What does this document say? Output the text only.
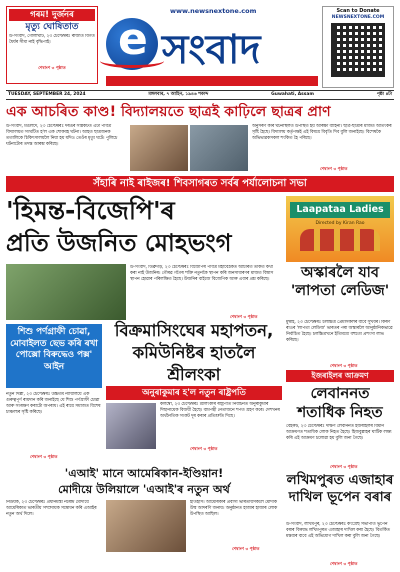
গৰম! দুৰ্জনৰ
মৃত্যু ঘোষিতাত
উ-সংবাদ, গোলাঘাট, ২৩ চেপ্টেম্বৰঃ ৰাজ্যত বিগত ধৈৰ্যৰ সীমা নাই বৃদ্ধিপাই।
শেষাংশ ৩ পৃষ্ঠাত
www.newsnextone.com
e সংবাদ
Scan to Donate
NEWSNEXTONE.COM
TUESDAY, SEPTEMBER 24, 2024	মঙ্গলবাৰ, ৭ আহিন, ১৯৪৬ শকাব্দ	Guwahati, Assam	পৃষ্ঠা ৪টা
এক আচৰিত কাণ্ড! বিদ্যালয়তে ছাত্ৰই কাঢ়িলে ছাত্ৰৰ প্ৰাণ
উ-সংবাদ, মঙলদৈ, ২৩ চেপ্টেম্বৰঃ দৰঙৰ সন্নিকটত এটা পবিত্ৰ বিদ্যালয়ত সংঘটিত হ'ল এক শোকবহ ঘটনা। আহত ছাত্ৰজনক ততালিকে চিকিৎসালয়লৈ নিয়া হয় যদিও তেওঁৰ মৃত্যু ঘটে। পুলিচে ঘটনাটোৰ তদন্ত আৰম্ভ কৰিছে।
অনুসৰণ কৰি ঘটনাস্থলত উপস্থিত হয় আৰক্ষী বাহিনী। ছাত্ৰ-ছাত্ৰীৰ মাজত আতংকৰ সৃষ্টি হৈছে। বিদ্যালয় কৰ্তৃপক্ষই এই বিষয়ে বিবৃতি দিব বুলি জনাইছে। বিশেষকৈ অভিভাৱকসকল শংকিত হৈ পৰিছে।
শেষাংশ ৩ পৃষ্ঠাত
সঁহাৰি নাই ৰাইজৰ! শিবসাগৰত সৰ্বৰ পৰ্যালোচনা সভা
'হিমন্ত-বিজেপি'ৰ
প্ৰতি উজনিত মোহভংগ
উ-সংবাদ, ডিব্ৰুগড়, ২৩ চেপ্টেম্বৰঃ বিজেপিৰ পবিত্ৰ মহাবৈঠকত আচৰিত তৰ্কিত কথা কৰা নাই উজনিৰ। গৌৰৱ গগৈৰ শক্তি নতুনকৈ স্থাপন কৰি জনসাধাৰণৰ মাজত বিশ্বাস স্থাপন হোৱাৰ পৰিলক্ষিত হৈছে। উজনিৰ বাইজে বিজেপিক আৰু এবাৰ প্ৰশ্ন কৰিছে।
শেষাংশ ৩ পৃষ্ঠাত
Laapataa Ladies
Directed by Kiran Rao
অস্কাৰলৈ যাব 'লাপতা লেডিজ'
মুম্বাই, ২৩ চেপ্টেম্বৰঃ চলচ্চিত্ৰ প্ৰেমীসকলৰ বাবে সুখবৰ। কিৰণ ৰাওৰ 'লাপতা লেডিজ' ভাৰতৰ পৰা অস্কাৰলৈ আনুষ্ঠানিকভাৱে নিৰ্বাচিত হৈছে। চলচ্চিত্ৰখনে ইতিমধ্যে বহুতো প্ৰশংসা লাভ কৰিছে।
শেষাংশ ৩ পৃষ্ঠাত
শিশু পৰ্ণগ্ৰাফী চোৱা, মোবাইলত ছেভ কৰি ৰখা পোক্সো বিৰুদ্ধেও পক্স' আইন
নতুন দিল্লী, ২৩ চেপ্টেম্বৰঃ উচ্চতম ন্যায়ালয়ে এক গুৰুত্বপূৰ্ণ ৰায়দান কৰি জনাইছে যে শিশু পৰ্ণগ্ৰাফী চোৱা আৰু সংৰক্ষণ কৰাটো অপৰাধ। এই ৰায়ে সমাজত বিশেষ চাঞ্চল্যৰ সৃষ্টি কৰিছে।
শেষাংশ ৩ পৃষ্ঠাত
বিক্ৰমাসিংঘেৰ মহাপতন, কমিউনিষ্টৰ হাতলৈ শ্ৰীলংকা
অনুৰাকুমাৰ হ'ল নতুন ৰাষ্ট্ৰপতি
কলম্বো, ২৩ চেপ্টেম্বৰঃ শ্ৰীলংকাৰ ৰাষ্ট্ৰপতি নিৰ্বাচনত অনুৰাকুমাৰ দিছানায়েক বিজয়ী হৈছে। বামপন্থী নেতাজনে শপত গ্ৰহণ কৰে। দেশখনৰ অৰ্থনৈতিক সংকট দূৰ কৰাৰ প্ৰতিশ্ৰুতি দিছে।
শেষাংশ ৩ পৃষ্ঠাত
ইজৰাইলৰ আক্ৰমণ
লেবাননত শতাধিক নিহত
বেইৰুট, ২৩ চেপ্টেম্বৰঃ দক্ষিণ লেবাননত ইজৰাইলৰ বিমান আক্ৰমণত শতাধিক লোক নিহত হৈছে। হিজবুল্লাহৰ ঘাটিক লক্ষ্য কৰি এই আক্ৰমণ চলোৱা হয় বুলি জনা গৈছে।
শেষাংশ ৩ পৃষ্ঠাত
'এআই' মানে আমেৰিকান-ইণ্ডিয়ান!
মোদীয়ে উলিয়ালে 'এআই'ৰ নতুন অৰ্থ
নিউয়ৰ্ক, ২৩ চেপ্টেম্বৰঃ প্ৰধানমন্ত্ৰী নৰেন্দ্ৰ মোদীয়ে আমেৰিকাত ভাৰতীয় সম্প্ৰদায়ক সম্বোধন কৰি এআইৰ নতুন অৰ্থ দিলে।
ইতিহাস। আমেৰিকাৰ প্ৰবাসী ভাৰতীয়সকলে মোদীক উষ্ম আদৰণি জনায়। অনুষ্ঠানত হাজাৰ হাজাৰ লোক উপস্থিত আছিল।
শেষাংশ ৩ পৃষ্ঠাত
লখিমপুৰত এজাহাৰ দাখিল ভূপেন বৰাৰ
উ-সংবাদ, লখিমপুৰ, ২৩ চেপ্টেম্বৰঃ কংগ্ৰেছ সভাপতি ভূপেন বৰাৰ বিৰুদ্ধে লখিমপুৰত এজাহাৰ দাখিল কৰা হৈছে। বিতৰ্কিত মন্তব্যৰ বাবে এই অভিযোগ দাখিল কৰা বুলি জনা গৈছে।
শেষাংশ ৩ পৃষ্ঠাত
